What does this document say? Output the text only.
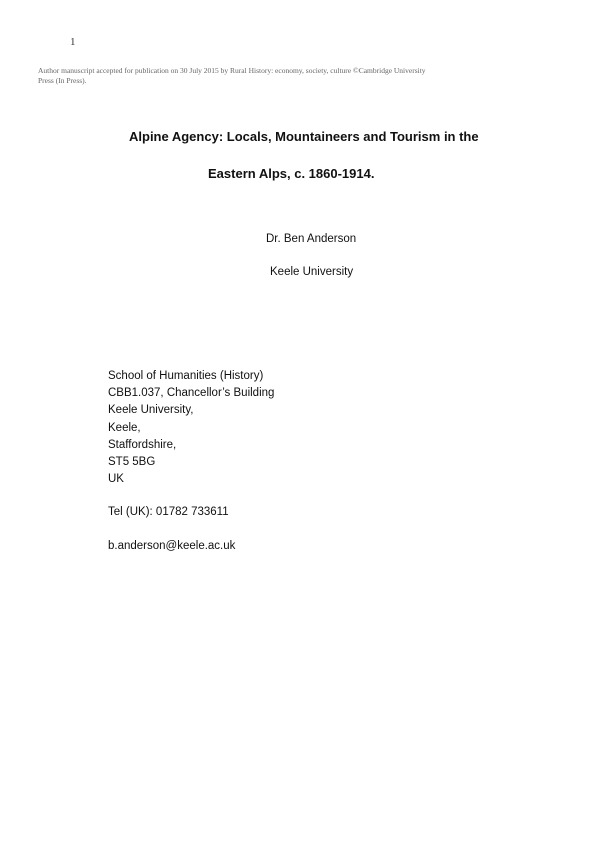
1
Author manuscript accepted for publication on 30 July 2015 by Rural History: economy, society, culture ©Cambridge University Press (In Press).
Alpine Agency: Locals, Mountaineers and Tourism in the
Eastern Alps, c. 1860-1914.
Dr. Ben Anderson
Keele University
School of Humanities (History)
CBB1.037, Chancellor’s Building
Keele University,
Keele,
Staffordshire,
ST5 5BG
UK
Tel (UK): 01782 733611
b.anderson@keele.ac.uk
